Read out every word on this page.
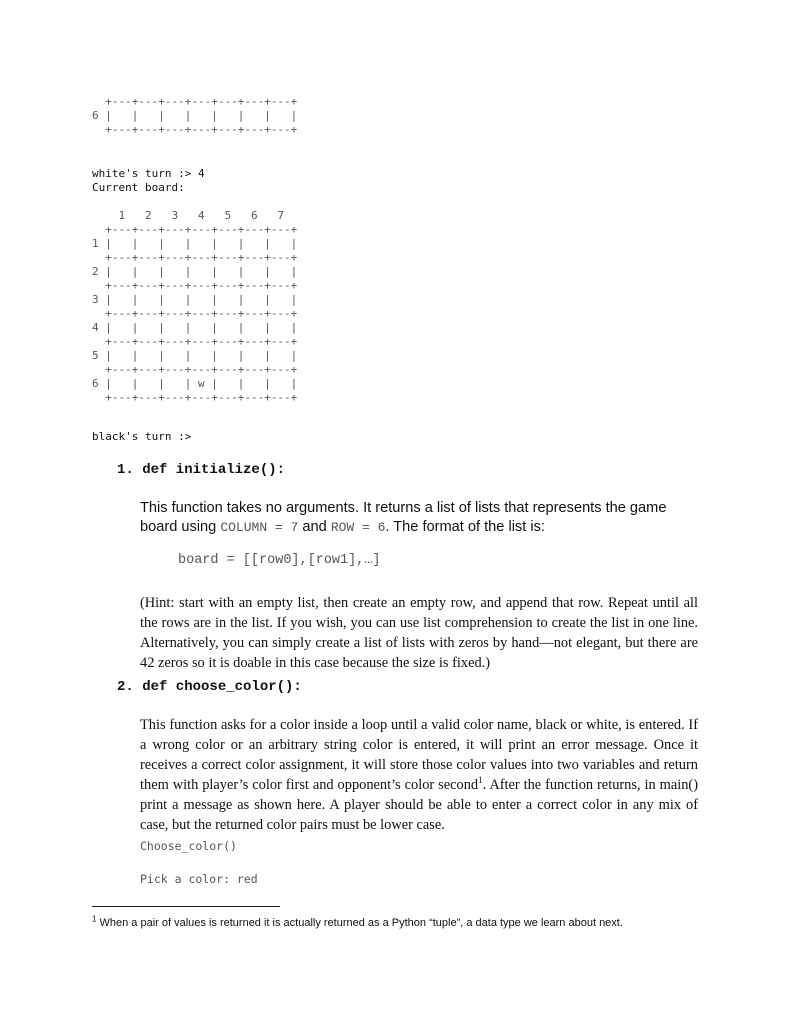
+---+---+---+---+---+---+---+
6 |   |   |   |   |   |   |   |
+---+---+---+---+---+---+---+
white's turn :> 4
Current board:
1   2   3   4   5   6   7
+---+---+---+---+---+---+---+
1 |   |   |   |   |   |   |   |
+---+---+---+---+---+---+---+
2 |   |   |   |   |   |   |   |
+---+---+---+---+---+---+---+
3 |   |   |   |   |   |   |   |
+---+---+---+---+---+---+---+
4 |   |   |   |   |   |   |   |
+---+---+---+---+---+---+---+
5 |   |   |   |   |   |   |   |
+---+---+---+---+---+---+---+
6 |   |   |   | w |   |   |   |
+---+---+---+---+---+---+---+
black's turn :>
1. def initialize():

This function takes no arguments. It returns a list of lists that represents the game board using COLUMN = 7 and ROW = 6. The format of the list is:

board = [[row0],[row1],…]

(Hint: start with an empty list, then create an empty row, and append that row. Repeat until all the rows are in the list. If you wish, you can use list comprehension to create the list in one line. Alternatively, you can simply create a list of lists with zeros by hand—not elegant, but there are 42 zeros so it is doable in this case because the size is fixed.)

2. def choose_color():

This function asks for a color inside a loop until a valid color name, black or white, is entered. If a wrong color or an arbitrary string color is entered, it will print an error message. Once it receives a correct color assignment, it will store those color values into two variables and return them with player’s color first and opponent’s color second$^1$. After the function returns, in main() print a message as shown here. A player should be able to enter a correct color in any mix of case, but the returned color pairs must be lower case.

Choose_color()
Pick a color: red
$^1$ When a pair of values is returned it is actually returned as a Python “tuple”, a data type we learn about next.
